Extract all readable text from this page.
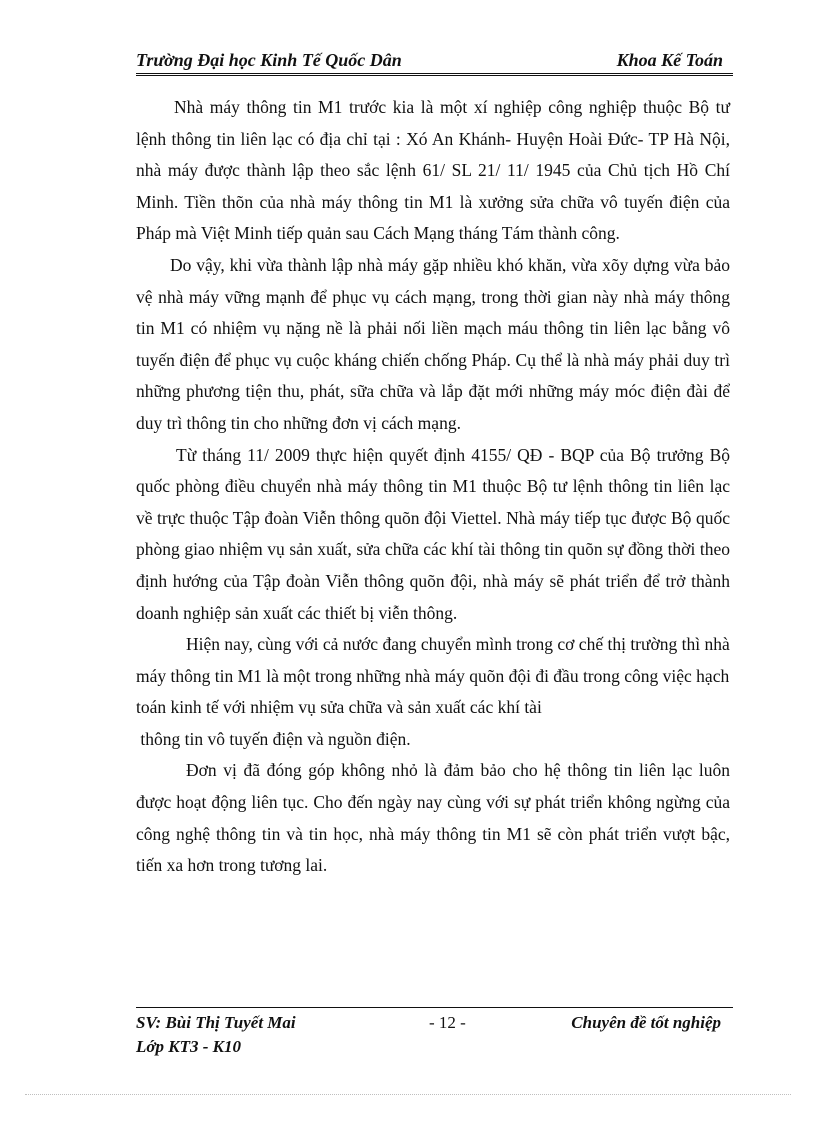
Trường Đại học Kinh Tế Quốc Dân	Khoa Kế Toán

Nhà máy thông tin M1 trước kia là một xí nghiệp công nghiệp thuộc Bộ tư lệnh thông tin liên lạc có địa chỉ tại : Xó An Khánh- Huyện Hoài Đức- TP Hà Nội, nhà máy được thành lập theo sắc lệnh 61/ SL 21/ 11/ 1945 của Chủ tịch Hồ Chí Minh. Tiền thõn của nhà máy thông tin M1 là xưởng sửa chữa vô tuyến điện của Pháp mà Việt Minh tiếp quản sau Cách Mạng tháng Tám thành công.

Do vậy, khi vừa thành lập nhà máy gặp nhiều khó khăn, vừa xõy dựng vừa bảo vệ nhà máy vững mạnh để phục vụ cách mạng, trong thời gian này nhà máy thông tin M1 có nhiệm vụ nặng nề là phải nối liền mạch máu thông tin liên lạc bằng vô tuyến điện để phục vụ cuộc kháng chiến chống Pháp. Cụ thể là nhà máy phải duy trì những phương tiện thu, phát, sữa chữa và lắp đặt mới những máy móc điện đài để duy trì thông tin cho những đơn vị cách mạng.

Từ tháng 11/ 2009 thực hiện quyết định 4155/ QĐ - BQP của Bộ trưởng Bộ quốc phòng điều chuyển nhà máy thông tin M1 thuộc Bộ tư lệnh thông tin liên lạc về trực thuộc Tập đoàn Viễn thông quõn đội Viettel. Nhà máy tiếp tục được Bộ quốc phòng giao nhiệm vụ sản xuất, sửa chữa các khí tài thông tin quõn sự đồng thời theo định hướng của Tập đoàn Viễn thông quõn đội, nhà máy sẽ phát triển để trở thành doanh nghiệp sản xuất các thiết bị viễn thông.

Hiện nay, cùng với cả nước đang chuyển mình trong cơ chế thị trường thì nhà máy thông tin M1 là một trong những nhà máy quõn đội đi đầu trong công việc hạch toán kinh tế với nhiệm vụ sửa chữa và sản xuất các khí tài

thông tin vô tuyến điện và nguồn điện.

Đơn vị đã đóng góp không nhỏ là đảm bảo cho hệ thông tin liên lạc luôn được hoạt động liên tục. Cho đến ngày nay cùng với sự phát triển không ngừng của công nghệ thông tin và tin học, nhà máy thông tin M1 sẽ còn phát triển vượt bậc, tiến xa hơn trong tương lai.

SV: Bùi Thị Tuyết Mai	- 12 -	Chuyên đề tốt nghiệp
Lớp KT3 - K10
